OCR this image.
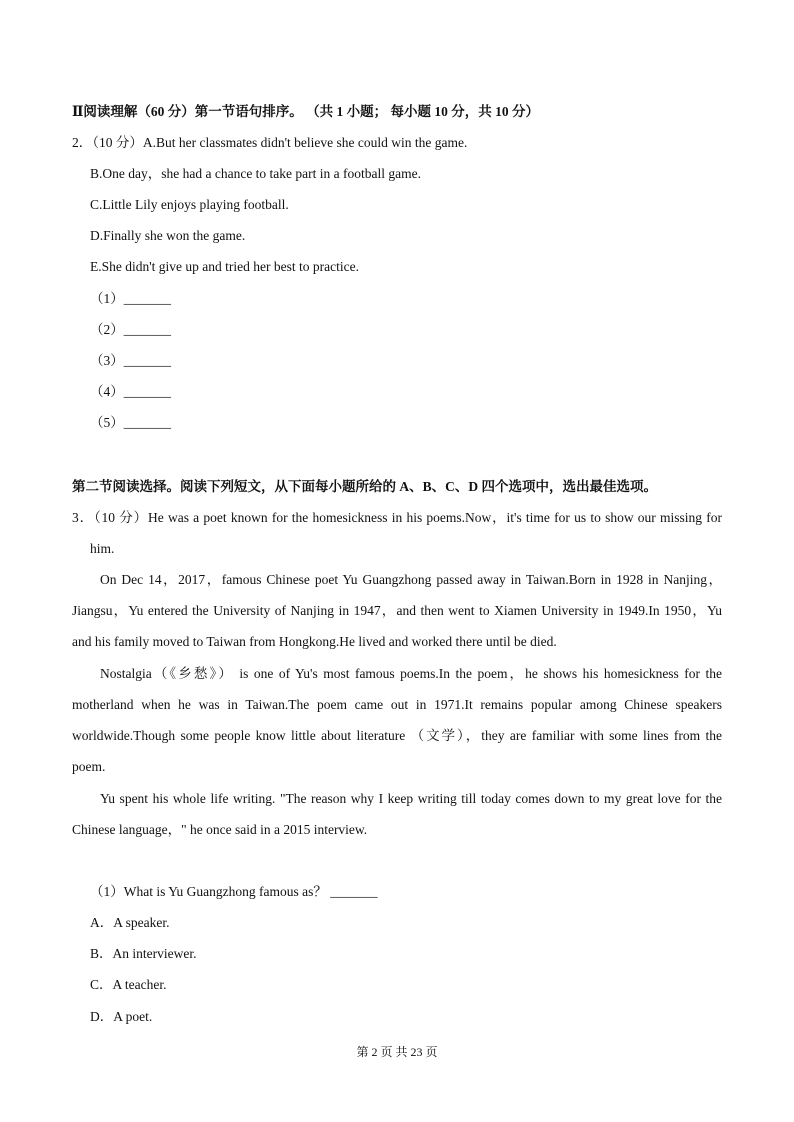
Ⅱ阅读理解（60 分）第一节语句排序。 （共 1 小题； 每小题 10 分，共 10 分）
2．（10 分）A.But her classmates didn't believe she could win the game.
B.One day，she had a chance to take part in a football game.
C.Little Lily enjoys playing football.
D.Finally she won the game.
E.She didn't give up and tried her best to practice.
（1）_______
（2）_______
（3）_______
（4）_______
（5）_______
第二节阅读选择。阅读下列短文，从下面每小题所给的 A、B、C、D 四个选项中，选出最佳选项。
3．（10 分）He was a poet known for the homesickness in his poems.Now，it's time for us to show our missing for
him.
On Dec 14，2017，famous Chinese poet Yu Guangzhong passed away in Taiwan.Born in 1928 in Nanjing，
Jiangsu，Yu entered the University of Nanjing in 1947，and then went to Xiamen University in 1949.In 1950，Yu
and his family moved to Taiwan from Hongkong.He lived and worked there until be died.
Nostalgia（《乡愁》） is one of Yu's most famous poems.In the poem，he shows his homesickness for the
motherland when he was in Taiwan.The poem came out in 1971.It remains popular among Chinese speakers
worldwide.Though some people know little about literature （文学），they are familiar with some lines from the
poem.
Yu spent his whole life writing. "The reason why I keep writing till today comes down to my great love for the
Chinese language，" he once said in a 2015 interview.
（1）What is Yu Guangzhong famous as？ _______
A．A speaker.
B．An interviewer.
C．A teacher.
D．A poet.
第 2 页 共 23 页
